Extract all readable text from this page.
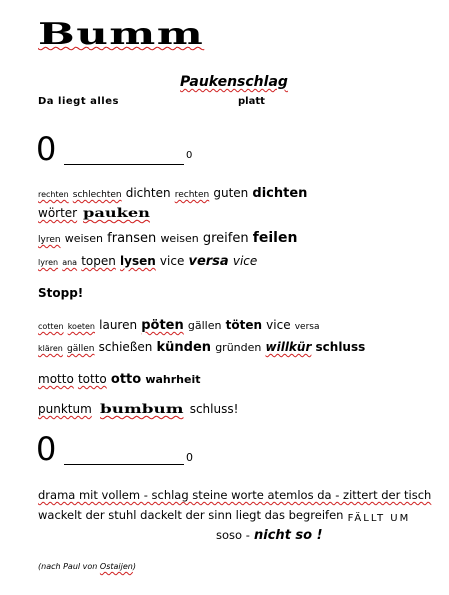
Bumm
Paukenschlag
Da liegt alles	platt
0	0
rechten schlechten dichten rechten guten dichten
wörter pauken
lyren weisen fransen weisen greifen feilen
lyren ana topen lysen vice versa vice
Stopp!
cotten koeten lauren pöten gällen töten vice versa
klären gällen schießen künden gründen willkür schluss
motto totto otto wahrheit
punktum bumbum schluss!
0	0
drama mit vollem - schlag steine worte atemlos da - zittert der tisch
wackelt der stuhl dackelt der sinn liegt das begreifen FÄLLT UM
soso - nicht so !
(nach Paul von Ostaijen)
